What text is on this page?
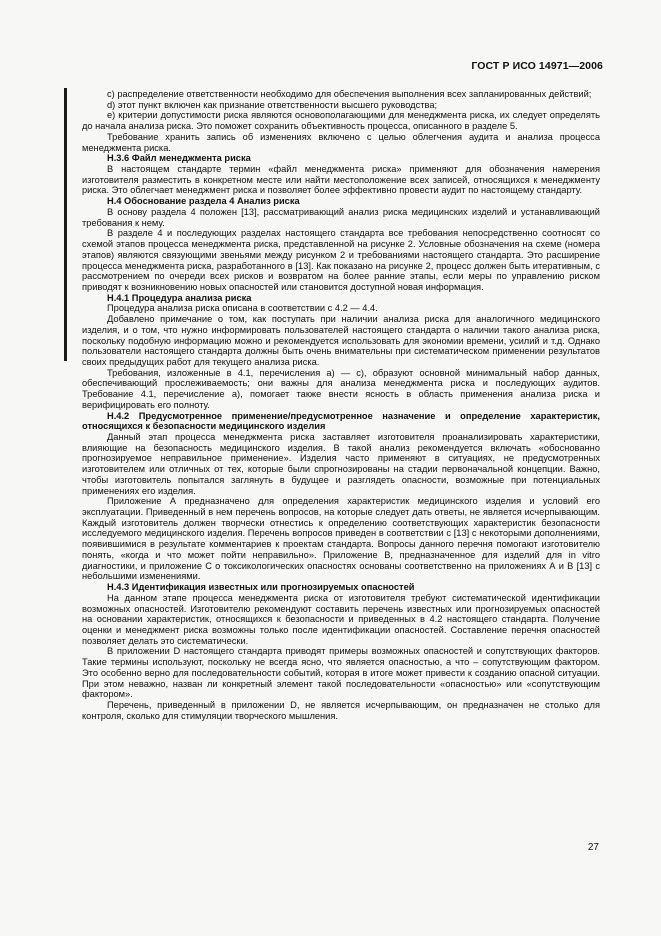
ГОСТ Р ИСО 14971—2006

c) распределение ответственности необходимо для обеспечения выполнения всех запланированных действий;

d) этот пункт включен как признание ответственности высшего руководства;

e) критерии допустимости риска являются основополагающими для менеджмента риска, их следует определять до начала анализа риска. Это поможет сохранить объективность процесса, описанного в разделе 5.

Требование хранить запись об изменениях включено с целью облегчения аудита и анализа процесса менеджмента риска.

Н.3.6 Файл менеджмента риска

В настоящем стандарте термин «файл менеджмента риска» применяют для обозначения намерения изготовителя разместить в конкретном месте или найти местоположение всех записей, относящихся к менеджменту риска. Это облегчает менеджмент риска и позволяет более эффективно провести аудит по настоящему стандарту.

Н.4 Обоснование раздела 4 Анализ риска

В основу раздела 4 положен [13], рассматривающий анализ риска медицинских изделий и устанавливающий требования к нему.

В разделе 4 и последующих разделах настоящего стандарта все требования непосредственно соотносят со схемой этапов процесса менеджмента риска, представленной на рисунке 2. Условные обозначения на схеме (номера этапов) являются связующими звеньями между рисунком 2 и требованиями настоящего стандарта. Это расширение процесса менеджмента риска, разработанного в [13]. Как показано на рисунке 2, процесс должен быть итеративным, с рассмотрением по очереди всех рисков и возвратом на более ранние этапы, если меры по управлению риском приводят к возникновению новых опасностей или становится доступной новая информация.

Н.4.1 Процедура анализа риска

Процедура анализа риска описана в соответствии с 4.2 — 4.4.

Добавлено примечание о том, как поступать при наличии анализа риска для аналогичного медицинского изделия, и о том, что нужно информировать пользователей настоящего стандарта о наличии такого анализа риска, поскольку подобную информацию можно и рекомендуется использовать для экономии времени, усилий и т.д. Однако пользователи настоящего стандарта должны быть очень внимательны при систематическом применении результатов своих предыдущих работ для текущего анализа риска.

Требования, изложенные в 4.1, перечисления а) — с), образуют основной минимальный набор данных, обеспечивающий прослеживаемость; они важны для анализа менеджмента риска и последующих аудитов. Требование 4.1, перечисление а), помогает также внести ясность в область применения анализа риска и верифицировать его полноту.

Н.4.2 Предусмотренное применение/предусмотренное назначение и определение характеристик, относящихся к безопасности медицинского изделия

Данный этап процесса менеджмента риска заставляет изготовителя проанализировать характеристики, влияющие на безопасность медицинского изделия. В такой анализ рекомендуется включать «обоснованно прогнозируемое неправильное применение». Изделия часто применяют в ситуациях, не предусмотренных изготовителем или отличных от тех, которые были спрогнозированы на стадии первоначальной концепции. Важно, чтобы изготовитель попытался заглянуть в будущее и разглядеть опасности, возможные при потенциальных применениях его изделия.

Приложение А предназначено для определения характеристик медицинского изделия и условий его эксплуатации. Приведенный в нем перечень вопросов, на которые следует дать ответы, не является исчерпывающим. Каждый изготовитель должен творчески отнестись к определению соответствующих характеристик безопасности исследуемого медицинского изделия. Перечень вопросов приведен в соответствии с [13] с некоторыми дополнениями, появившимися в результате комментариев к проектам стандарта. Вопросы данного перечня помогают изготовителю понять, «когда и что может пойти неправильно». Приложение В, предназначенное для изделий для in vitro диагностики, и приложение С о токсикологических опасностях основаны соответственно на приложениях А и В [13] с небольшими изменениями.

Н.4.3 Идентификация известных или прогнозируемых опасностей

На данном этапе процесса менеджмента риска от изготовителя требуют систематической идентификации возможных опасностей. Изготовителю рекомендуют составить перечень известных или прогнозируемых опасностей на основании характеристик, относящихся к безопасности и приведенных в 4.2 настоящего стандарта. Получение оценки и менеджмент риска возможны только после идентификации опасностей. Составление перечня опасностей позволяет делать это систематически.

В приложении D настоящего стандарта приводят примеры возможных опасностей и сопутствующих факторов. Такие термины используют, поскольку не всегда ясно, что является опасностью, а что – сопутствующим фактором. Это особенно верно для последовательности событий, которая в итоге может привести к созданию опасной ситуации. При этом неважно, назван ли конкретный элемент такой последовательности «опасностью» или «сопутствующим фактором».

Перечень, приведенный в приложении D, не является исчерпывающим, он предназначен не столько для контроля, сколько для стимуляции творческого мышления.

27
